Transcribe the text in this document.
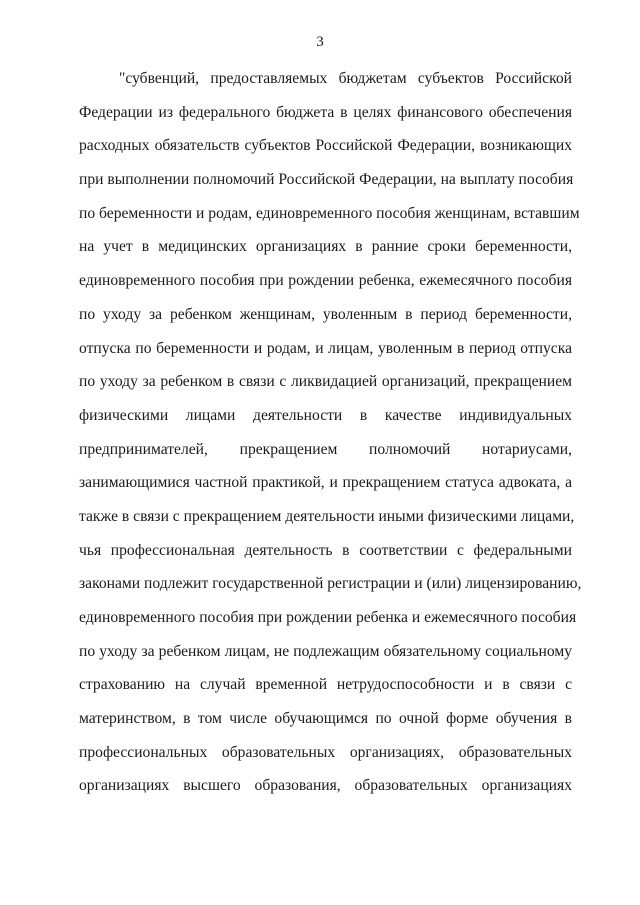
3
"субвенций, предоставляемых бюджетам субъектов Российской
Федерации из федерального бюджета в целях финансового обеспечения
расходных обязательств субъектов Российской Федерации, возникающих
при выполнении полномочий Российской Федерации, на выплату пособия
по беременности и родам, единовременного пособия женщинам, вставшим
на учет в медицинских организациях в ранние сроки беременности,
единовременного пособия при рождении ребенка, ежемесячного пособия
по уходу за ребенком женщинам, уволенным в период беременности,
отпуска по беременности и родам, и лицам, уволенным в период отпуска
по уходу за ребенком в связи с ликвидацией организаций, прекращением
физическими лицами деятельности в качестве индивидуальных
предпринимателей, прекращением полномочий нотариусами,
занимающимися частной практикой, и прекращением статуса адвоката, а
также в связи с прекращением деятельности иными физическими лицами,
чья профессиональная деятельность в соответствии с федеральными
законами подлежит государственной регистрации и (или) лицензированию,
единовременного пособия при рождении ребенка и ежемесячного пособия
по уходу за ребенком лицам, не подлежащим обязательному социальному
страхованию на случай временной нетрудоспособности и в связи с
материнством, в том числе обучающимся по очной форме обучения в
профессиональных образовательных организациях, образовательных
организациях высшего образования, образовательных организациях
